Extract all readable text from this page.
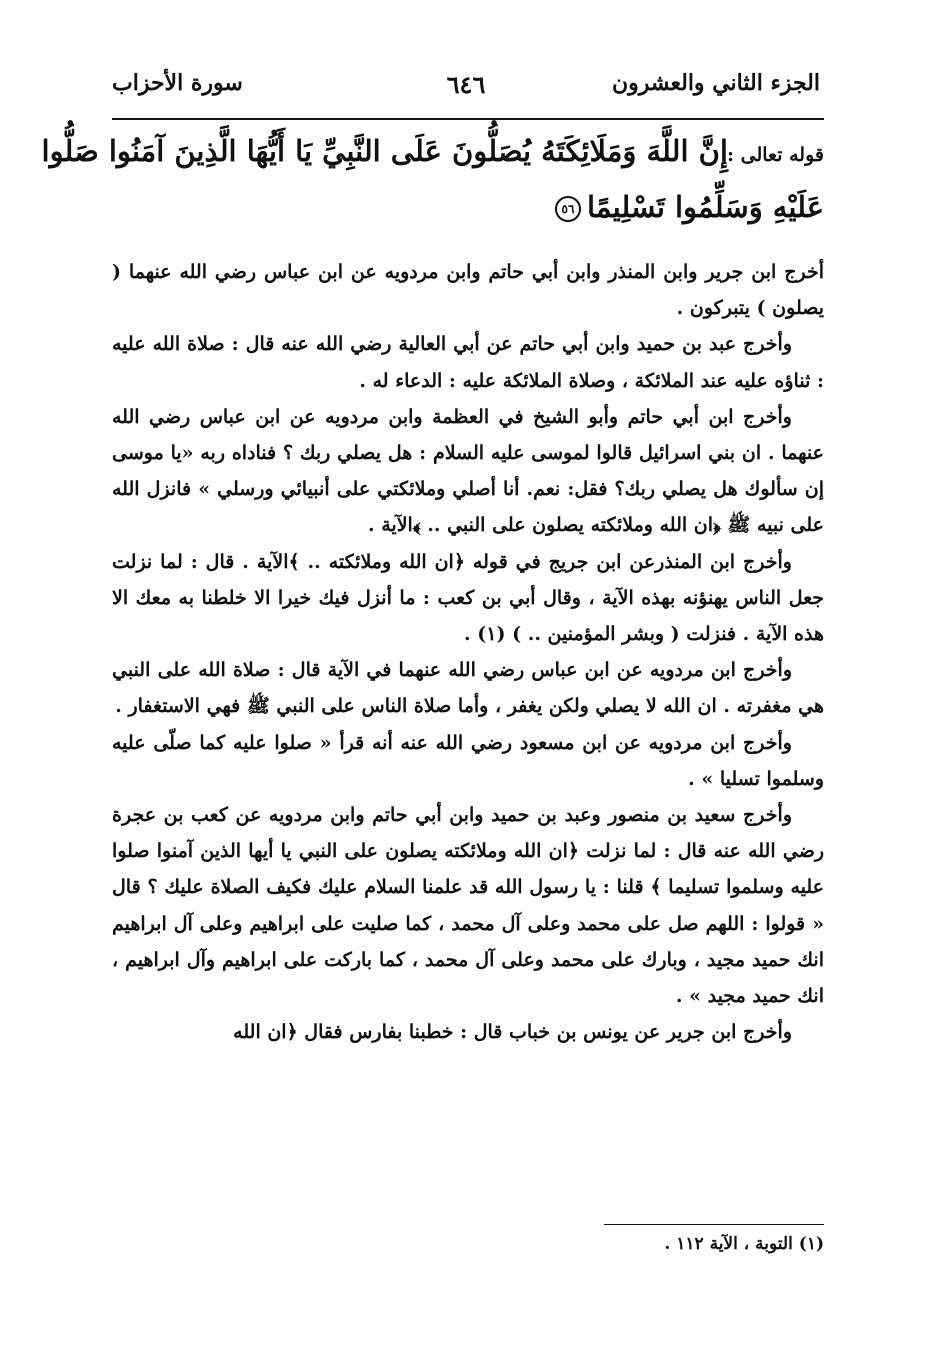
الجزء الثاني والعشرون
٦٤٦
سورة الأحزاب
قوله تعالى :
إِنَّ اللَّهَ وَمَلَائِكَتَهُ يُصَلُّونَ عَلَى النَّبِيِّ يَا أَيُّهَا الَّذِينَ آمَنُوا صَلُّوا
عَلَيْهِ وَسَلِّمُوا تَسْلِيمًا٥٦

أخرج ابن جرير وابن المنذر وابن أبي حاتم وابن مردويه عن ابن عباس رضي الله عنهما ( يصلون ) يتبركون .

وأخرج عبد بن حميد وابن أبي حاتم عن أبي العالية رضي الله عنه قال : صلاة الله عليه : ثناؤه عليه عند الملائكة ، وصلاة الملائكة عليه : الدعاء له .

وأخرج ابن أبي حاتم وأبو الشيخ في العظمة وابن مردويه عن ابن عباس رضي الله عنهما . ان بني اسرائيل قالوا لموسى عليه السلام : هل يصلي ربك ؟ فناداه ربه «يا موسى إن سألوك هل يصلي ربك؟ فقل: نعم. أنا أصلي وملائكتي على أنبيائي ورسلي » فانزل الله على نبيه ﷺ ﴿ان الله وملائكته يصلون على النبي .. ﴾الآية .

وأخرج ابن المنذرعن ابن جريج في قوله ﴿ان الله وملائكته .. ﴾الآية . قال : لما نزلت جعل الناس يهنؤنه بهذه الآية ، وقال أبي بن كعب : ما أنزل فيك خيرا الا خلطنا به معك الا هذه الآية . فنزلت ( وبشر المؤمنين .. ) (١) .

وأخرج ابن مردويه عن ابن عباس رضي الله عنهما في الآية قال : صلاة الله على النبي هي مغفرته . ان الله لا يصلي ولكن يغفر ، وأما صلاة الناس على النبي ﷺ فهي الاستغفار .

وأخرج ابن مردويه عن ابن مسعود رضي الله عنه أنه قرأ « صلوا عليه كما صلّى عليه وسلموا تسليا » .

وأخرج سعيد بن منصور وعبد بن حميد وابن أبي حاتم وابن مردويه عن كعب بن عجرة رضي الله عنه قال : لما نزلت ﴿ان الله وملائكته يصلون على النبي يا أيها الذين آمنوا صلوا عليه وسلموا تسليما ﴾ قلنا : يا رسول الله قد علمنا السلام عليك فكيف الصلاة عليك ؟ قال « قولوا : اللهم صل على محمد وعلى آل محمد ، كما صليت على ابراهيم وعلى آل ابراهيم انك حميد مجيد ، وبارك على محمد وعلى آل محمد ، كما باركت على ابراهيم وآل ابراهيم ، انك حميد مجيد » .

وأخرج ابن جرير عن يونس بن خباب قال : خطبنا بفارس فقال ﴿ان الله

(١) التوبة ، الآية ١١٢ .
